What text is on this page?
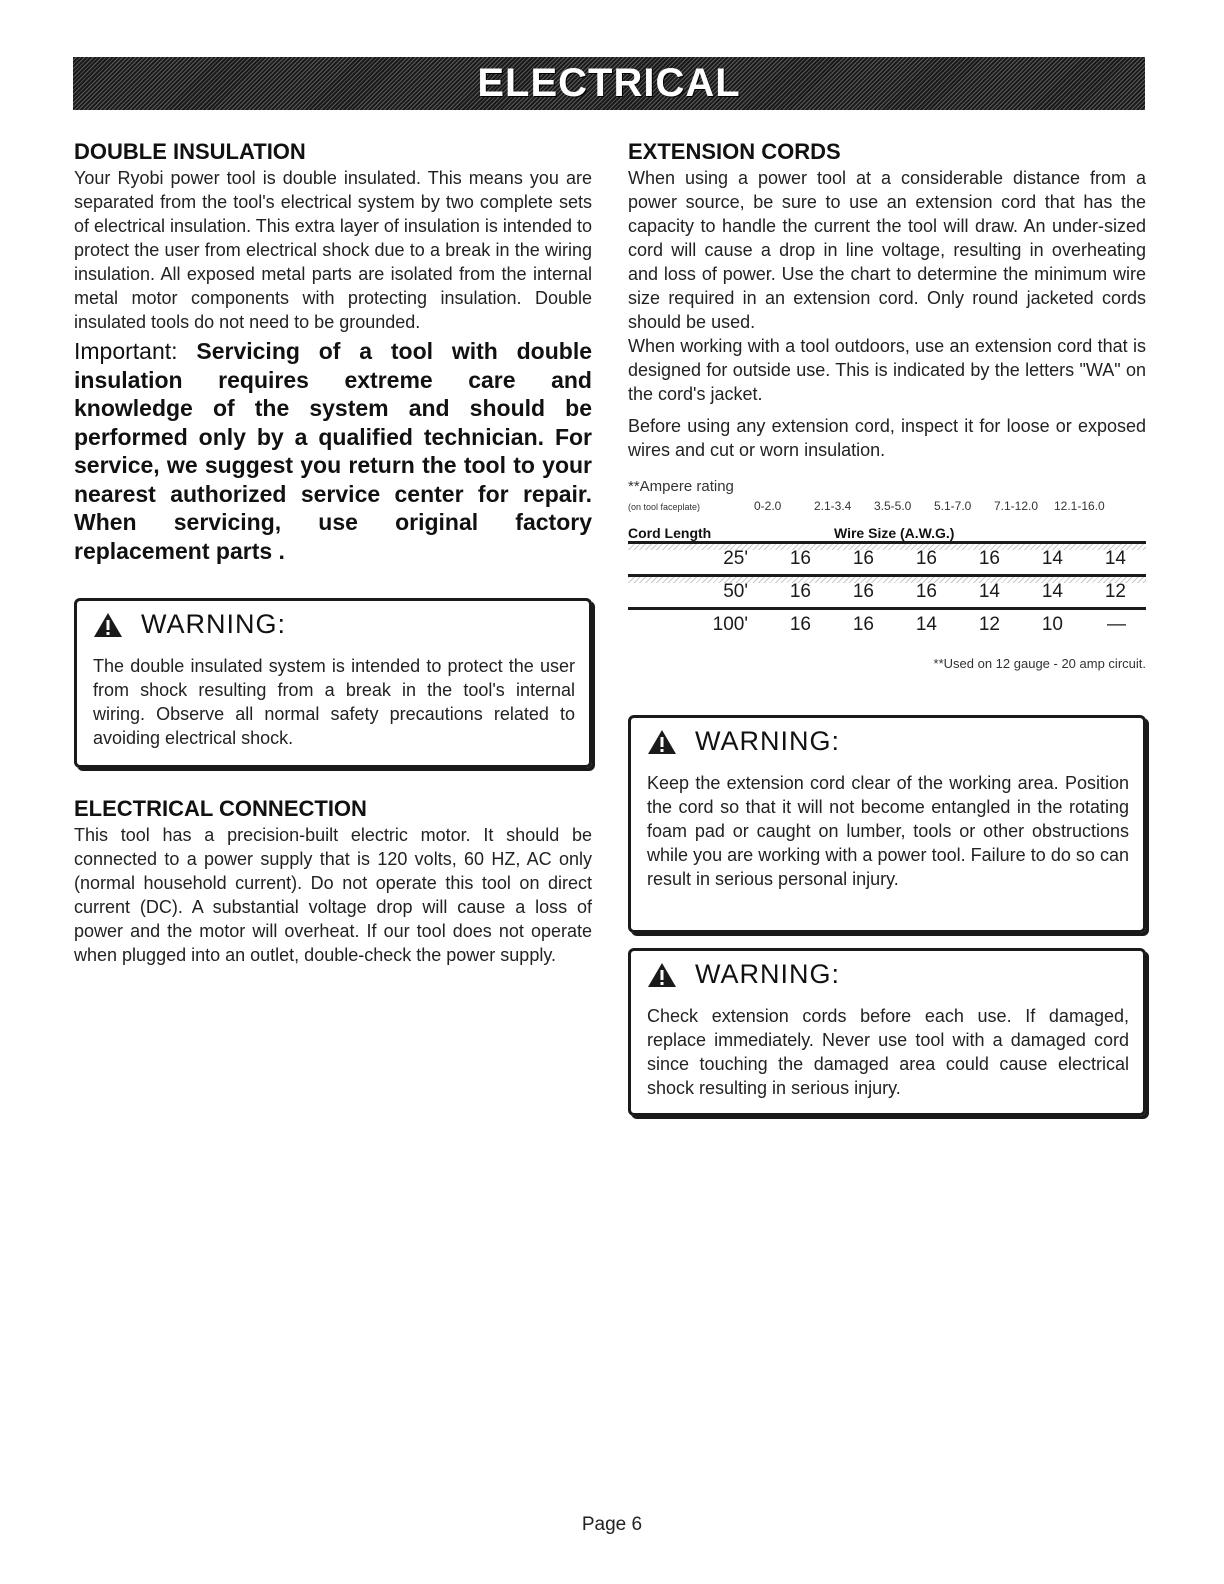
ELECTRICAL
DOUBLE INSULATION

Your Ryobi power tool is double insulated. This means you are separated from the tool's electrical system by two complete sets of electrical insulation. This extra layer of insulation is intended to protect the user from electrical shock due to a break in the wiring insulation. All exposed metal parts are isolated from the internal metal motor components with protecting insulation. Double insulated tools do not need to be grounded.

Important: Servicing of a tool with double insulation requires extreme care and knowledge of the system and should be performed only by a qualified technician. For service, we suggest you return the tool to your nearest authorized service center for repair. When servicing, use original factory replacement parts .

WARNING:

The double insulated system is intended to protect the user from shock resulting from a break in the tool's internal wiring. Observe all normal safety precautions related to avoiding electrical shock.

ELECTRICAL CONNECTION

This tool has a precision-built electric motor. It should be connected to a power supply that is 120 volts, 60 HZ, AC only (normal household current). Do not operate this tool on direct current (DC). A substantial voltage drop will cause a loss of power and the motor will overheat. If our tool does not operate when plugged into an outlet, double-check the power supply.

EXTENSION CORDS

When using a power tool at a considerable distance from a power source, be sure to use an extension cord that has the capacity to handle the current the tool will draw. An under-sized cord will cause a drop in line voltage, resulting in overheating and loss of power. Use the chart to determine the minimum wire size required in an extension cord. Only round jacketed cords should be used.

When working with a tool outdoors, use an extension cord that is designed for outside use. This is indicated by the letters "WA" on the cord's jacket.

Before using any extension cord, inspect it for loose or exposed wires and cut or worn insulation.

**Ampere rating
(on tool faceplate)	0-2.0	2.1-3.4	3.5-5.0	5.1-7.0	7.1-12.0	12.1-16.0
Cord Length	Wire Size (A.W.G.)
25'	16	16	16	16	14	14
50'	16	16	16	14	14	12
100'	16	16	14	12	10	—
**Used on 12 gauge - 20 amp circuit.
WARNING:

Keep the extension cord clear of the working area. Position the cord so that it will not become entangled in the rotating foam pad or caught on lumber, tools or other obstructions while you are working with a power tool. Failure to do so can result in serious personal injury.

WARNING:

Check extension cords before each use. If damaged, replace immediately. Never use tool with a damaged cord since touching the damaged area could cause electrical shock resulting in serious injury.

Page 6
